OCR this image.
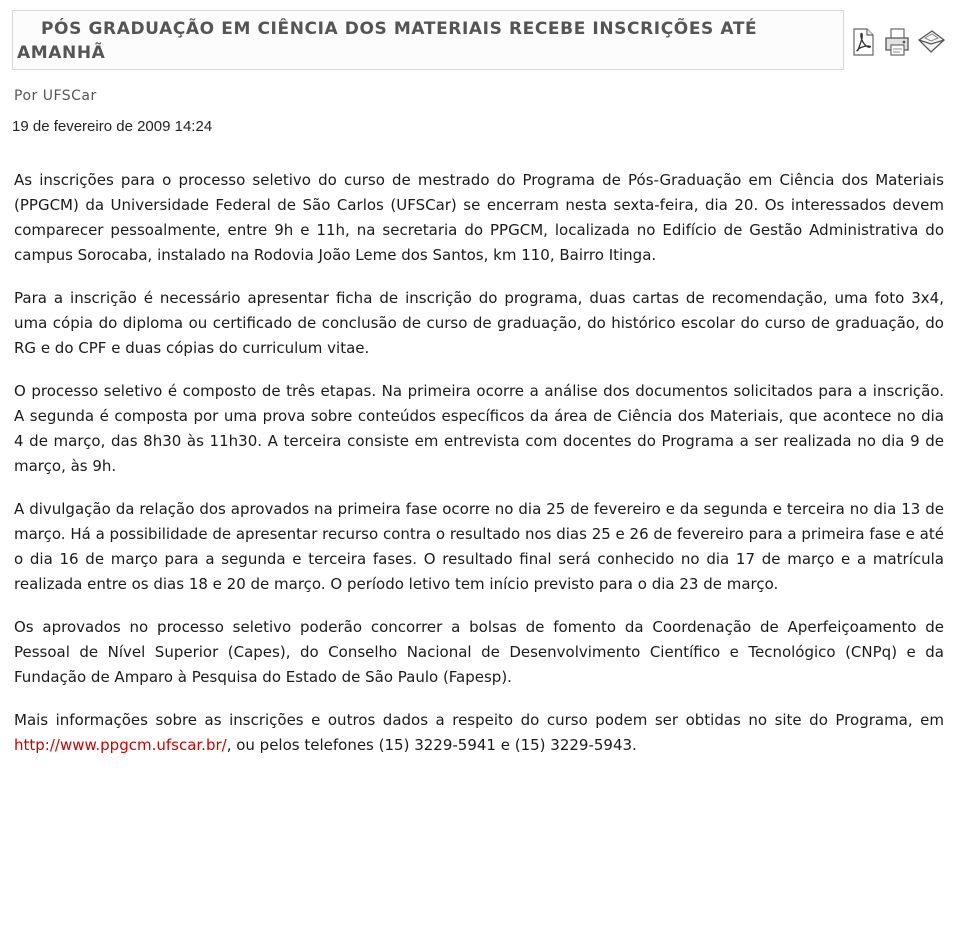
PÓS GRADUAÇÃO EM CIÊNCIA DOS MATERIAIS RECEBE INSCRIÇÕES ATÉ AMANHÃ
Por UFSCar
19 de fevereiro de 2009 14:24

As inscrições para o processo seletivo do curso de mestrado do Programa de Pós-Graduação em Ciência dos Materiais (PPGCM) da Universidade Federal de São Carlos (UFSCar) se encerram nesta sexta-feira, dia 20. Os interessados devem comparecer pessoalmente, entre 9h e 11h, na secretaria do PPGCM, localizada no Edifício de Gestão Administrativa do campus Sorocaba, instalado na Rodovia João Leme dos Santos, km 110, Bairro Itinga.

Para a inscrição é necessário apresentar ficha de inscrição do programa, duas cartas de recomendação, uma foto 3x4, uma cópia do diploma ou certificado de conclusão de curso de graduação, do histórico escolar do curso de graduação, do RG e do CPF e duas cópias do curriculum vitae.

O processo seletivo é composto de três etapas. Na primeira ocorre a análise dos documentos solicitados para a inscrição. A segunda é composta por uma prova sobre conteúdos específicos da área de Ciência dos Materiais, que acontece no dia 4 de março, das 8h30 às 11h30. A terceira consiste em entrevista com docentes do Programa a ser realizada no dia 9 de março, às 9h.

A divulgação da relação dos aprovados na primeira fase ocorre no dia 25 de fevereiro e da segunda e terceira no dia 13 de março. Há a possibilidade de apresentar recurso contra o resultado nos dias 25 e 26 de fevereiro para a primeira fase e até o dia 16 de março para a segunda e terceira fases. O resultado final será conhecido no dia 17 de março e a matrícula realizada entre os dias 18 e 20 de março. O período letivo tem início previsto para o dia 23 de março.

Os aprovados no processo seletivo poderão concorrer a bolsas de fomento da Coordenação de Aperfeiçoamento de Pessoal de Nível Superior (Capes), do Conselho Nacional de Desenvolvimento Científico e Tecnológico (CNPq) e da Fundação de Amparo à Pesquisa do Estado de São Paulo (Fapesp).

Mais informações sobre as inscrições e outros dados a respeito do curso podem ser obtidas no site do Programa, em http://www.ppgcm.ufscar.br/, ou pelos telefones (15) 3229-5941 e (15) 3229-5943.
